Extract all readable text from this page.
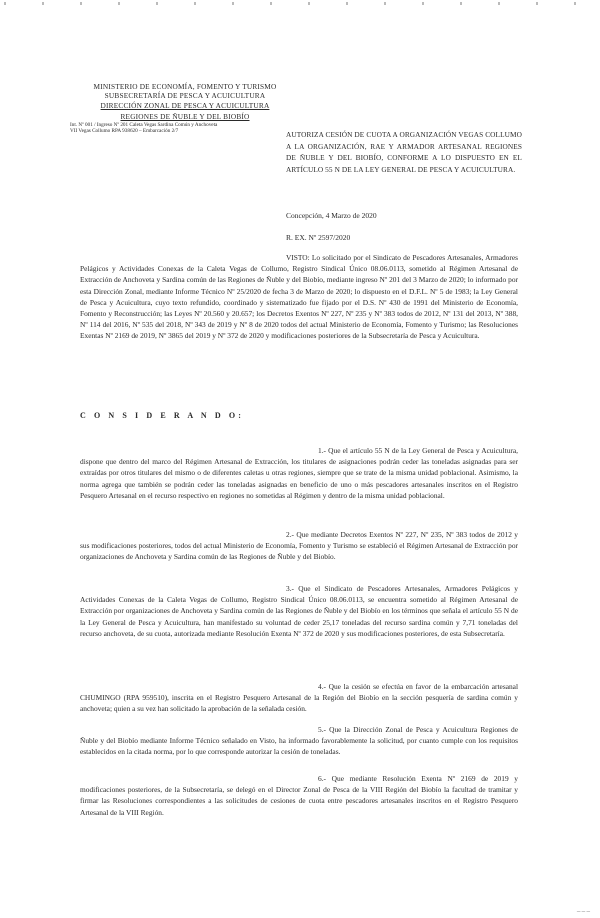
MINISTERIO DE ECONOMÍA, FOMENTO Y TURISMO
SUBSECRETARÍA DE PESCA Y ACUICULTURA
DIRECCIÓN ZONAL DE PESCA Y ACUICULTURA
REGIONES DE ÑUBLE Y DEL BIOBÍO
Int. Nº 001 / Ingreso Nº 201 Caleta Vegas Sardina Común y Anchoveta
VII Vegas Collumo RPA 938620 – Embarcación 2/7	AUTORIZA CESIÓN DE CUOTA A ORGANIZACIÓN VEGAS COLLUMO A LA ORGANIZACIÓN, RAE Y ARMADOR ARTESANAL REGIONES DE ÑUBLE Y DEL BIOBÍO, CONFORME A LO DISPUESTO EN EL ARTÍCULO 55 N DE LA LEY GENERAL DE PESCA Y ACUICULTURA.
Concepción, 4 Marzo de 2020
R. EX. Nº 2597/2020
VISTO: Lo solicitado por el Sindicato de Pescadores Artesanales, Armadores Pelágicos y Actividades Conexas de la Caleta Vegas de Collumo, Registro Sindical Único 08.06.0113, sometido al Régimen Artesanal de Extracción de Anchoveta y Sardina común de las Regiones de Ñuble y del Biobío, mediante ingreso Nº 201 del 3 Marzo de 2020; lo informado por esta Dirección Zonal, mediante Informe Técnico Nº 25/2020 de fecha 3 de Marzo de 2020; lo dispuesto en el D.F.L. Nº 5 de 1983; la Ley General de Pesca y Acuicultura, cuyo texto refundido, coordinado y sistematizado fue fijado por el D.S. Nº 430 de 1991 del Ministerio de Economía, Fomento y Reconstrucción; las Leyes Nº 20.560 y 20.657; los Decretos Exentos Nº 227, Nº 235 y Nº 383 todos de 2012, Nº 131 del 2013, Nº 388, Nº 114 del 2016, Nº 535 del 2018, Nº 343 de 2019 y Nº 8 de 2020 todos del actual Ministerio de Economía, Fomento y Turismo; las Resoluciones Exentas Nº 2169 de 2019, Nº 3865 del 2019 y Nº 372 de 2020 y modificaciones posteriores de la Subsecretaría de Pesca y Acuicultura.
C O N S I D E R A N D O:
1.- Que el artículo 55 N de la Ley General de Pesca y Acuicultura, dispone que dentro del marco del Régimen Artesanal de Extracción, los titulares de asignaciones podrán ceder las toneladas asignadas para ser extraídas por otros titulares del mismo o de diferentes caletas u otras regiones, siempre que se trate de la misma unidad poblacional. Asimismo, la norma agrega que también se podrán ceder las toneladas asignadas en beneficio de uno o más pescadores artesanales inscritos en el Registro Pesquero Artesanal en el recurso respectivo en regiones no sometidas al Régimen y dentro de la misma unidad poblacional.
2.- Que mediante Decretos Exentos Nº 227, Nº 235, Nº 383 todos de 2012 y sus modificaciones posteriores, todos del actual Ministerio de Economía, Fomento y Turismo se estableció el Régimen Artesanal de Extracción por organizaciones de Anchoveta y Sardina común de las Regiones de Ñuble y del Biobío.
3.- Que el Sindicato de Pescadores Artesanales, Armadores Pelágicos y Actividades Conexas de la Caleta Vegas de Collumo, Registro Sindical Único 08.06.0113, se encuentra sometido al Régimen Artesanal de Extracción por organizaciones de Anchoveta y Sardina común de las Regiones de Ñuble y del Biobío en los términos que señala el artículo 55 N de la Ley General de Pesca y Acuicultura, han manifestado su voluntad de ceder 25,17 toneladas del recurso sardina común y 7,71 toneladas del recurso anchoveta, de su cuota, autorizada mediante Resolución Exenta Nº 372 de 2020 y sus modificaciones posteriores, de esta Subsecretaría.
4.- Que la cesión se efectúa en favor de la embarcación artesanal CHUMINGO (RPA 959510), inscrita en el Registro Pesquero Artesanal de la Región del Biobío en la sección pesquería de sardina común y anchoveta; quien a su vez han solicitado la aprobación de la señalada cesión.
5.- Que la Dirección Zonal de Pesca y Acuicultura Regiones de Ñuble y del Biobío mediante Informe Técnico señalado en Visto, ha informado favorablemente la solicitud, por cuanto cumple con los requisitos establecidos en la citada norma, por lo que corresponde autorizar la cesión de toneladas.
6.- Que mediante Resolución Exenta Nº 2169 de 2019 y modificaciones posteriores, de la Subsecretaría, se delegó en el Director Zonal de Pesca de la VIII Región del Biobío la facultad de tramitar y firmar las Resoluciones correspondientes a las solicitudes de cesiones de cuota entre pescadores artesanales inscritos en el Registro Pesquero Artesanal de la VIII Región.
─ ─ ─
